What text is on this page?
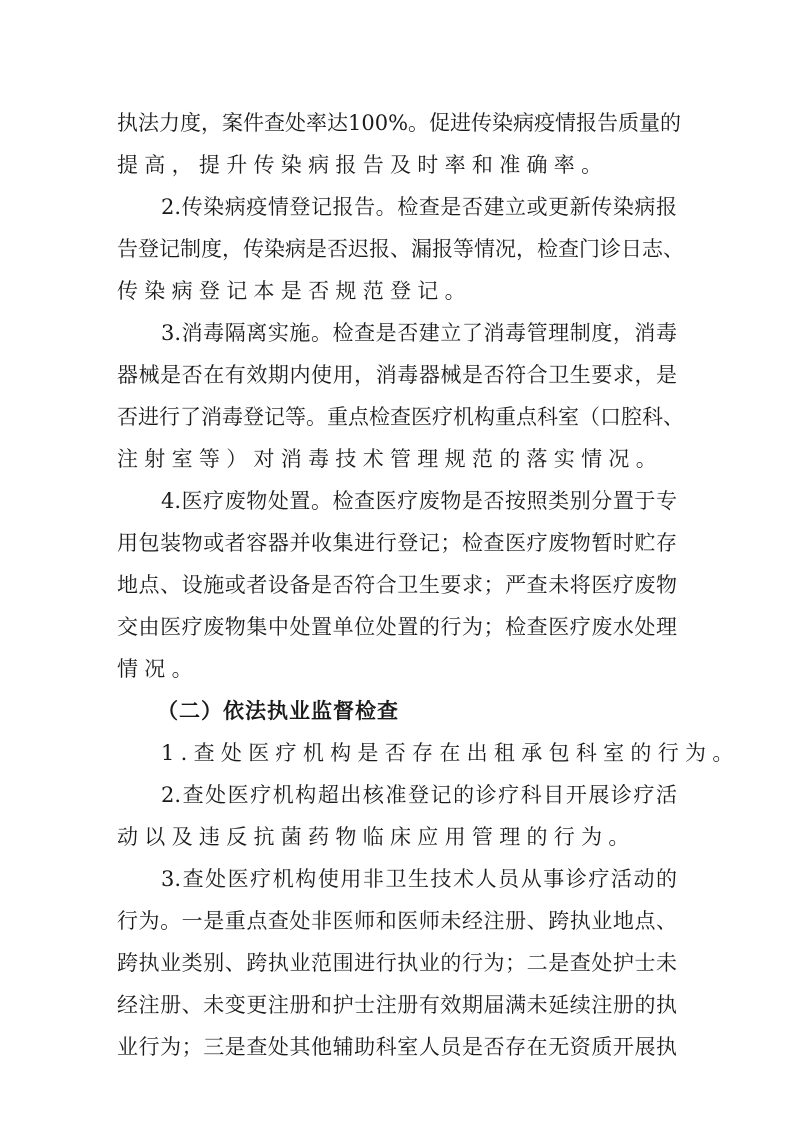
执法力度，案件查处率达100%。促进传染病疫情报告质量的
提高，提升传染病报告及时率和准确率。
2.传染病疫情登记报告。检查是否建立或更新传染病报
告登记制度，传染病是否迟报、漏报等情况，检查门诊日志、
传染病登记本是否规范登记。
3.消毒隔离实施。检查是否建立了消毒管理制度，消毒
器械是否在有效期内使用，消毒器械是否符合卫生要求，是
否进行了消毒登记等。重点检查医疗机构重点科室（口腔科、
注射室等）对消毒技术管理规范的落实情况。
4.医疗废物处置。检查医疗废物是否按照类别分置于专
用包装物或者容器并收集进行登记；检查医疗废物暂时贮存
地点、设施或者设备是否符合卫生要求；严查未将医疗废物
交由医疗废物集中处置单位处置的行为；检查医疗废水处理
情况。
（二）依法执业监督检查
1.查处医疗机构是否存在出租承包科室的行为。
2.查处医疗机构超出核准登记的诊疗科目开展诊疗活
动以及违反抗菌药物临床应用管理的行为。
3.查处医疗机构使用非卫生技术人员从事诊疗活动的
行为。一是重点查处非医师和医师未经注册、跨执业地点、
跨执业类别、跨执业范围进行执业的行为；二是查处护士未
经注册、未变更注册和护士注册有效期届满未延续注册的执
业行为；三是查处其他辅助科室人员是否存在无资质开展执
